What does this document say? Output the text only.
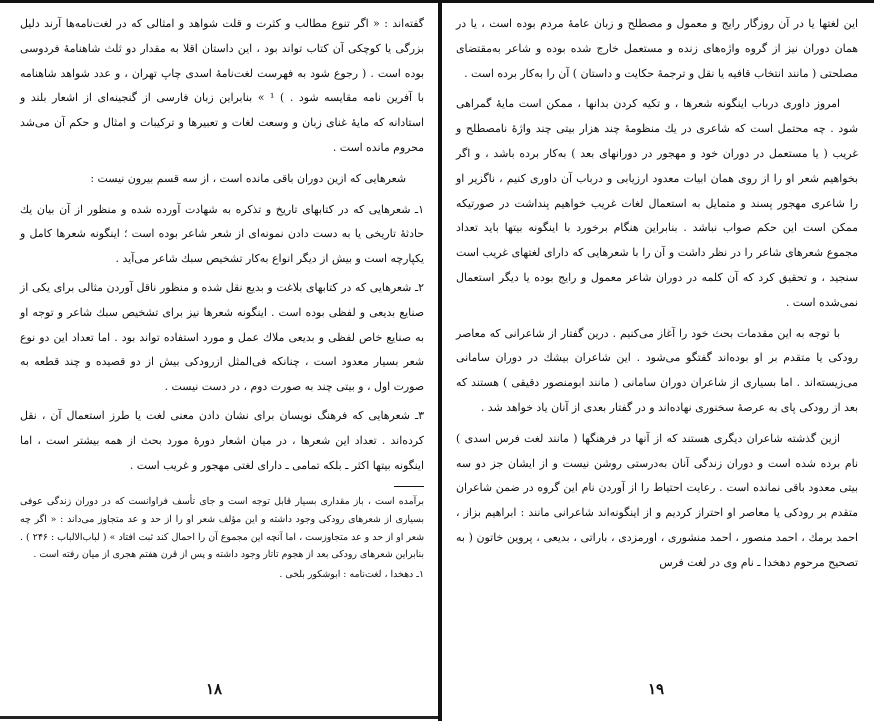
گفته‌اند : « اگر تنوع مطالب و کثرت و قلت شواهد و امثالی که در لغت‌نامه‌ها آرند دلیل بزرگی یا کوچکی آن کتاب تواند بود ، این داستان اقلا به مقدار دو ثلث شاهنامهٔ فردوسی بوده است . ( رجوع شود به فهرست لغت‌نامهٔ اسدی چاپ تهران ، و عدد شواهد شاهنامه با آفرین نامه مقایسه شود . ) ¹ » بنابراین زبان فارسی از گنجینه‌ای از اشعار بلند و استادانه که مایهٔ غنای زبان و وسعت لغات و تعبیرها و ترکیبات و امثال و حکم آن می‌شد محروم مانده است .

شعرهایی که ازین دوران باقی مانده است ، از سه قسم بیرون نیست :

۱ـ شعرهایی که در کتابهای تاریخ و تذکره به شهادت آورده شده و منظور از آن بیان یك حادثهٔ تاریخی یا به دست دادن نمونه‌ای از شعر شاعر بوده است ؛ اینگونه شعرها کامل و یکپارچه است و بیش از دیگر انواع به‌کار تشخیص سبك شاعر می‌آید .

۲ـ شعرهایی که در کتابهای بلاغت و بدیع نقل شده و منظور ناقل آوردن مثالی برای یکی از صنایع بدیعی و لفظی بوده است . اینگونه شعرها نیز برای تشخیص سبك شاعر و توجه او به صنایع خاص لفظی و بدیعی ملاك عمل و مورد استفاده تواند بود . اما تعداد این دو نوع شعر بسیار معدود است ، چنانکه فی‌المثل ازرودکی بیش از دو قصیده و چند قطعه به صورت اول ، و بیتی چند به صورت دوم ، در دست نیست .

۳ـ شعرهایی که فرهنگ نویسان برای نشان دادن معنی لغت یا طرز استعمال آن ، نقل کرده‌اند . تعداد این شعرها ، در میان اشعار دورهٔ مورد بحث از همه بیشتر است ، اما اینگونه بیتها اکثر ـ بلکه تمامی ـ دارای لغتی مهجور و غریب است .

برآمده است ، باز مقداری بسیار قابل توجه است و جای تأسف فراوانست که در دوران زندگی عوفی بسیاری از شعرهای رودکی وجود داشته و این مؤلف شعر او را از حد و عد متجاوز می‌داند : « اگر چه شعر او از حد و عد متجاوزست ، اما آنچه این مجموع آن را احمال کند ثبت افتاد » ( لباب‌الالباب : ۲۴۶ ) . بنابراین شعرهای رودکی بعد از هجوم تاتار وجود داشته و پس از قرن هفتم هجری از میان رفته است .

۱ـ دهخدا ، لغت‌نامه : ابوشکور بلخی .

۱۸

این لغتها یا در آن روزگار رایج و معمول و مصطلح و زبان عامهٔ مردم بوده است ، یا در همان دوران نیز از گروه واژه‌های زنده و مستعمل خارج شده بوده و شاعر به‌مقتضای مصلحتی ( مانند انتخاب قافیه یا نقل و ترجمهٔ حکایت و داستان ) آن را به‌کار برده است .

امروز داوری درباب اینگونه شعرها ، و تکیه کردن بدانها ، ممکن است مایهٔ گمراهی شود . چه محتمل است که شاعری در یك منظومهٔ چند هزار بیتی چند واژهٔ نامصطلح و غریب ( یا مستعمل در دوران خود و مهجور در دورانهای بعد ) به‌کار برده باشد ، و اگر بخواهیم شعر او را از روی همان ابیات معدود ارزیابی و درباب آن داوری کنیم ، ناگزیر او را شاعری مهجور پسند و متمایل به استعمال لغات غریب خواهیم پنداشت در صورتیکه ممکن است این حکم صواب نباشد . بنابراین هنگام برخورد با اینگونه بیتها باید تعداد مجموع شعرهای شاعر را در نظر داشت و آن را با شعرهایی که دارای لغتهای غریب است سنجید ، و تحقیق کرد که آن کلمه در دوران شاعر معمول و رایج بوده یا دیگر استعمال نمی‌شده است .

با توجه به این مقدمات بحث خود را آغاز می‌کنیم . درین گفتار از شاعرانی که معاصر رودکی یا متقدم بر او بوده‌اند گفتگو می‌شود . این شاعران بیشك در دوران سامانی می‌زیسته‌اند . اما بسیاری از شاعران دوران سامانی ( مانند ابومنصور دقیقی ) هستند که بعد از رودکی پای به عرصهٔ سخنوری نهاده‌اند و در گفتار بعدی از آنان یاد خواهد شد .

ازین گذشته شاعران دیگری هستند که از آنها در فرهنگها ( مانند لغت فرس اسدی ) نام برده شده است و دوران زندگی آنان به‌درستی روشن نیست و از ایشان جز دو سه بیتی معدود باقی نمانده است . رعایت احتیاط را از آوردن نام این گروه در ضمن شاعران متقدم بر رودکی یا معاصر او احتراز کردیم و از اینگونه‌اند شاعرانی مانند : ابراهیم بزاز ، احمد برمك ، احمد منصور ، احمد منشوری ، اورمزدی ، باراتی ، بدیعی ، پروین خاتون ( به تصحیح مرحوم دهخدا ـ نام وی در لغت فرس

۱۹
